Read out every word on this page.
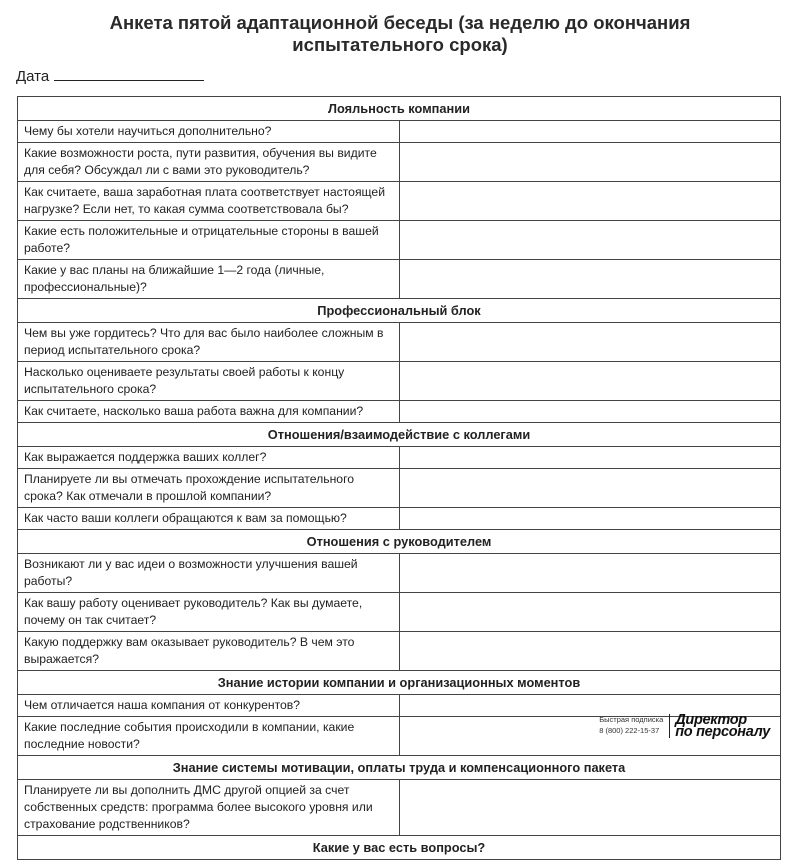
Анкета пятой адаптационной беседы (за неделю до окончания
испытательного срока)
Дата
Лояльность компании	
Чему бы хотели научиться дополнительно?	
Какие возможности роста, пути развития, обучения вы видите для себя? Обсуждал ли с вами это руководитель?	
Как считаете, ваша заработная плата соответствует настоящей нагрузке? Если нет, то какая сумма соответствовала бы?	
Какие есть положительные и отрицательные стороны в вашей работе?	
Какие у вас планы на ближайшие 1—2 года (личные, профессиональные)?	
Профессиональный блок	
Чем вы уже гордитесь? Что для вас было наиболее сложным в период испытательного срока?	
Насколько оцениваете результаты своей работы к концу испытательного срока?	
Как считаете, насколько ваша работа важна для компании?	
Отношения/взаимодействие с коллегами	
Как выражается поддержка ваших коллег?	
Планируете ли вы отмечать прохождение испытательного срока? Как отмечали в прошлой компании?	
Как часто ваши коллеги обращаются к вам за помощью?	
Отношения с руководителем	
Возникают ли у вас идеи о возможности улучшения вашей работы?	
Как вашу работу оценивает руководитель? Как вы думаете, почему он так считает?	
Какую поддержку вам оказывает руководитель? В чем это выражается?	
Знание истории компании и организационных моментов	
Чем отличается наша компания от конкурентов?	
Какие последние события происходили в компании, какие последние новости?	
Знание системы мотивации, оплаты труда и компенсационного пакета	
Планируете ли вы дополнить ДМС другой опцией за счет собственных средств: программа более высокого уровня или страхование родственников?	
Какие у вас есть вопросы?	
Быстрая подписка
8 (800) 222-15-37
Директор
по персоналу
